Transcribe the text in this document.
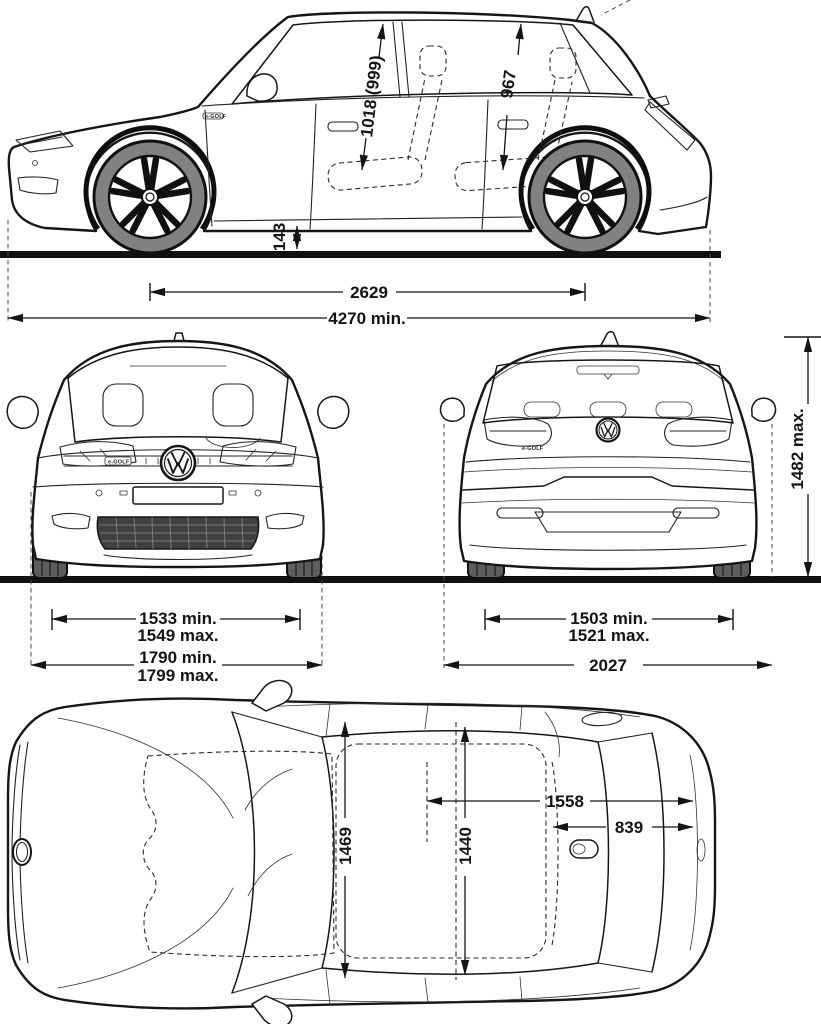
e-GOLF	1018 (999)	967
143
2629
4270 min.
e-GOLF
1533 min.
1549 max.
1790 min.
1799 max.
e-GOLF
1503 min.
1521 max.
2027
1482 max.
1469	1440
1558
839
